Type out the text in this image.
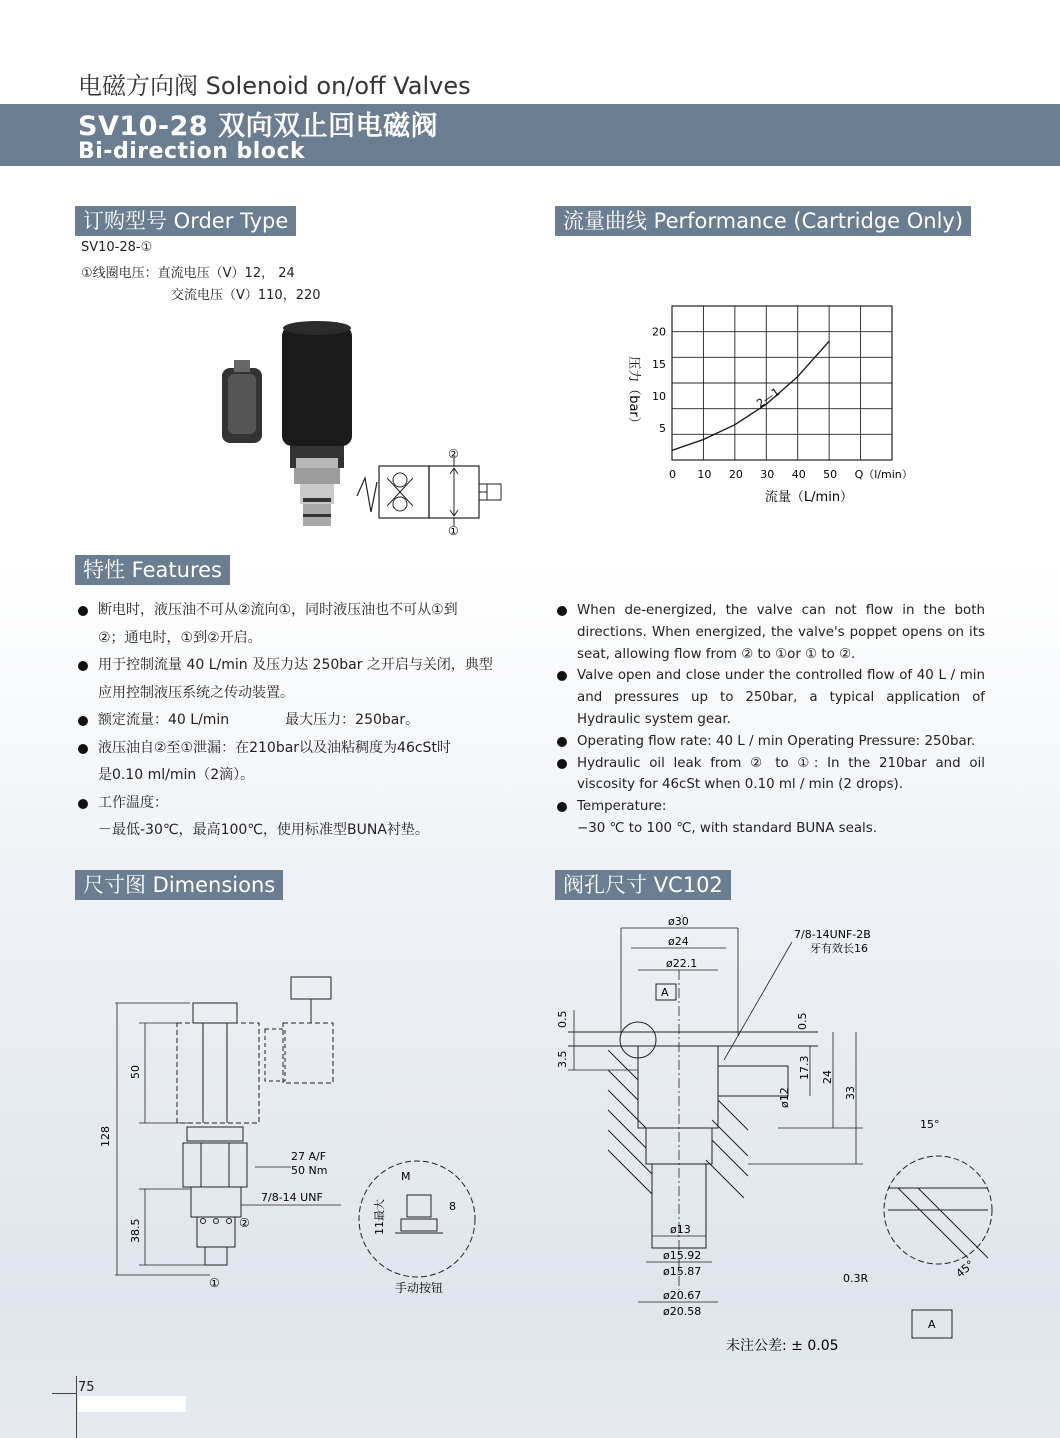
电磁方向阀 Solenoid on/off Valves
SV10-28 双向双止回电磁阀
Bi-direction block
订购型号 Order Type
SV10-28-①
①线圈电压：直流电压（V）12， 24
交流电压（V）110，220
②
①
流量曲线 Performance (Cartridge Only)
0 10 20 30 40 50 Q（l/min）
5
10
15
20
2—1
流量（L/min）
压力（bar）
特性 Features
断电时，液压油不可从②流向①，同时液压油也不可从①到
②；通电时，①到②开启。
用于控制流量 40 L/min 及压力达 250bar 之开启与关闭，典型
应用控制液压系统之传动装置。
额定流量：40 L/min　　　　最大压力：250bar。
液压油自②至①泄漏：在210bar以及油粘稠度为46cSt时
是0.10 ml/min（2滴）。
工作温度：
－最低-30℃，最高100℃，使用标准型BUNA衬垫。
When de-energized, the valve can not flow in the both directions. When energized, the valve's poppet opens on its seat, allowing flow from ② to ①or ① to ②.
Valve open and close under the controlled flow of 40 L / min and pressures up to 250bar, a typical application of Hydraulic system gear.
Operating flow rate: 40 L / min Operating Pressure: 250bar.
Hydraulic oil leak from ② to ①: In the 210bar and oil viscosity for 46cSt when 0.10 ml / min (2 drops).
Temperature:
−30 ℃ to 100 ℃, with standard BUNA seals.
尺寸图 Dimensions
128
50
38.5
27 A/F
50 Nm
7/8-14 UNF
②
①
M
11最大	8
手动按钮
阀孔尺寸 VC102
ø30
ø24
ø22.1
7/8-14UNF-2B
牙有效长16
A
0.5
3.5
0.5
17.3 24
33
ø12
ø13
ø15.92
ø15.87
ø20.67
ø20.58
15°
45°
0.3R
A
未注公差: ± 0.05
75
